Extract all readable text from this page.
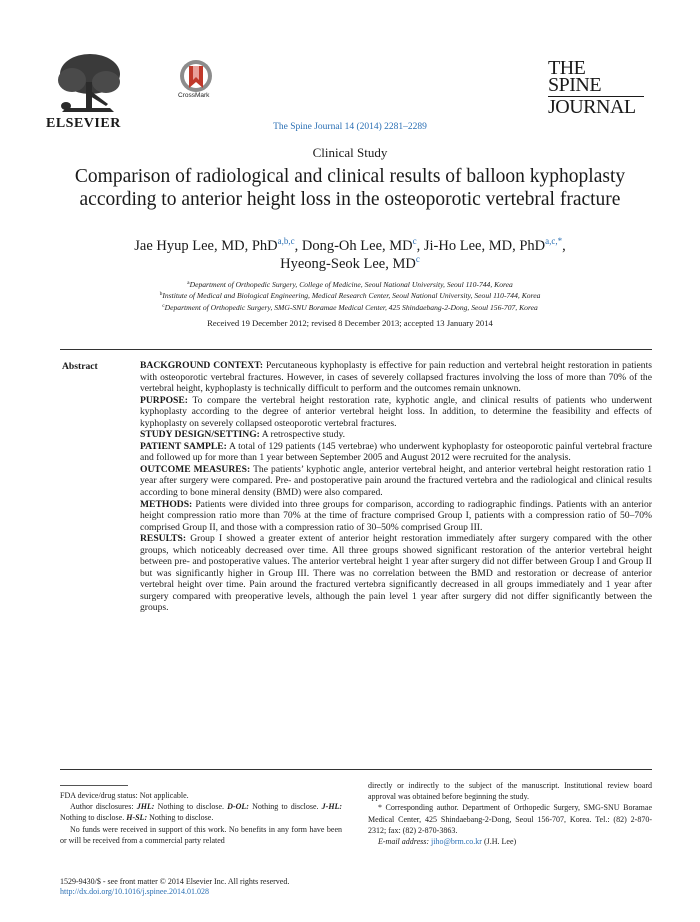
ELSEVIER
CrossMark
THE
SPINE
JOURNAL
The Spine Journal 14 (2014) 2281–2289
Clinical Study
Comparison of radiological and clinical results of balloon kyphoplasty according to anterior height loss in the osteoporotic vertebral fracture
Jae Hyup Lee, MD, PhD$^{a,b,c}$, Dong-Oh Lee, $MD^c$, Ji-Ho Lee, MD, PhD$^{a,c,*}$,
Hyeong-Seok Lee, $MD^c$
$^a$Department of Orthopedic Surgery, College of Medicine, Seoul National University, Seoul 110-744, Korea
$^b$Institute of Medical and Biological Engineering, Medical Research Center, Seoul National University, Seoul 110-744, Korea
$^c$Department of Orthopedic Surgery, SMG-SNU Boramae Medical Center, 425 Shindaebang-2-Dong, Seoul 156-707, Korea
Received 19 December 2012; revised 8 December 2013; accepted 13 January 2014
Abstract	BACKGROUND CONTEXT: Percutaneous kyphoplasty is effective for pain reduction and vertebral height restoration in patients with osteoporotic vertebral fractures. However, in cases of severely collapsed fractures involving the loss of more than 70% of the vertebral height, kyphoplasty is technically difficult to perform and the outcomes remain unknown.

PURPOSE: To compare the vertebral height restoration rate, kyphotic angle, and clinical results of patients who underwent kyphoplasty according to the degree of anterior vertebral height loss. In addition, to determine the feasibility and effects of kyphoplasty on severely collapsed osteoporotic vertebral fractures.

STUDY DESIGN/SETTING: A retrospective study.

PATIENT SAMPLE: A total of 129 patients (145 vertebrae) who underwent kyphoplasty for osteoporotic painful vertebral fracture and followed up for more than 1 year between September 2005 and August 2012 were recruited for the analysis.

OUTCOME MEASURES: The patients’ kyphotic angle, anterior vertebral height, and anterior vertebral height restoration ratio 1 year after surgery were compared. Pre- and postoperative pain around the fractured vertebra and the radiological and clinical results according to bone mineral density (BMD) were also compared.

METHODS: Patients were divided into three groups for comparison, according to radiographic findings. Patients with an anterior height compression ratio more than 70% at the time of fracture comprised Group I, patients with a compression ratio of 50–70% comprised Group II, and those with a compression ratio of 30–50% comprised Group III.

RESULTS: Group I showed a greater extent of anterior height restoration immediately after surgery compared with the other groups, which noticeably decreased over time. All three groups showed significant restoration of the anterior vertebral height between pre- and postoperative values. The anterior vertebral height 1 year after surgery did not differ between Group I and Group II but was significantly higher in Group III. There was no correlation between the BMD and restoration or decrease of anterior vertebral height over time. Pain around the fractured vertebra significantly decreased in all groups immediately and 1 year after surgery compared with preoperative levels, although the pain level 1 year after surgery did not differ significantly between the groups.

FDA device/drug status: Not applicable.

Author disclosures: JHL: Nothing to disclose. D-OL: Nothing to disclose. J-HL: Nothing to disclose. H-SL: Nothing to disclose.

No funds were received in support of this work. No benefits in any form have been or will be received from a commercial party related

directly or indirectly to the subject of the manuscript. Institutional review board approval was obtained before beginning the study.

* Corresponding author. Department of Orthopedic Surgery, SMG-SNU Boramae Medical Center, 425 Shindaebang-2-Dong, Seoul 156-707, Korea. Tel.: (82) 2-870-2312; fax: (82) 2-870-3863.

E-mail address: jiho@brm.co.kr (J.H. Lee)

1529-9430/$ - see front matter © 2014 Elsevier Inc. All rights reserved.
http://dx.doi.org/10.1016/j.spinee.2014.01.028
